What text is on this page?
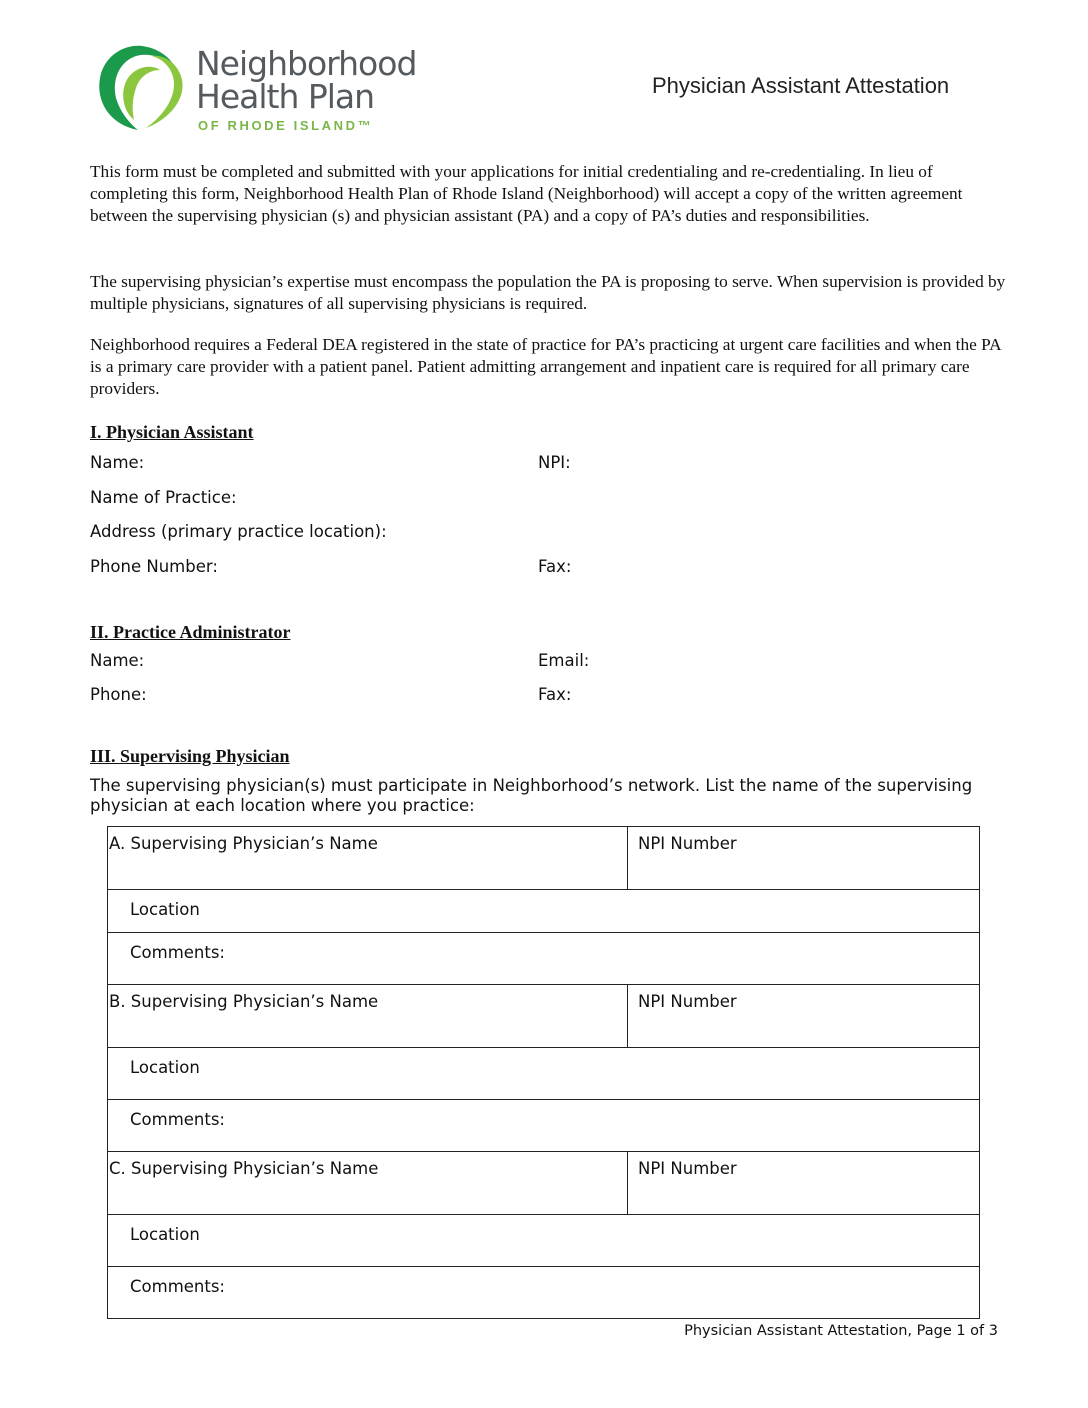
Neighborhood
Health Plan
OF RHODE ISLAND™
Physician Assistant Attestation

This form must be completed and submitted with your applications for initial credentialing and re-credentialing. In lieu of completing this form, Neighborhood Health Plan of Rhode Island (Neighborhood) will accept a copy of the written agreement between the supervising physician (s) and physician assistant (PA) and a copy of PA’s duties and responsibilities.

The supervising physician’s expertise must encompass the population the PA is proposing to serve. When supervision is provided by multiple physicians, signatures of all supervising physicians is required.

Neighborhood requires a Federal DEA registered in the state of practice for PA’s practicing at urgent care facilities and when the PA is a primary care provider with a patient panel. Patient admitting arrangement and inpatient care is required for all primary care providers.

I. Physician Assistant
Name:	NPI:
Name of Practice:
Address (primary practice location):
Phone Number:	Fax:
II. Practice Administrator
Name:	Email:
Phone:	Fax:
III. Supervising Physician
The supervising physician(s) must participate in Neighborhood’s network. List the name of the supervising physician at each location where you practice:
A. Supervising Physician’s Name	NPI Number
Location
Comments:
B. Supervising Physician’s Name	NPI Number
Location
Comments:
C. Supervising Physician’s Name	NPI Number
Location
Comments:
Physician Assistant Attestation, Page 1 of 3
